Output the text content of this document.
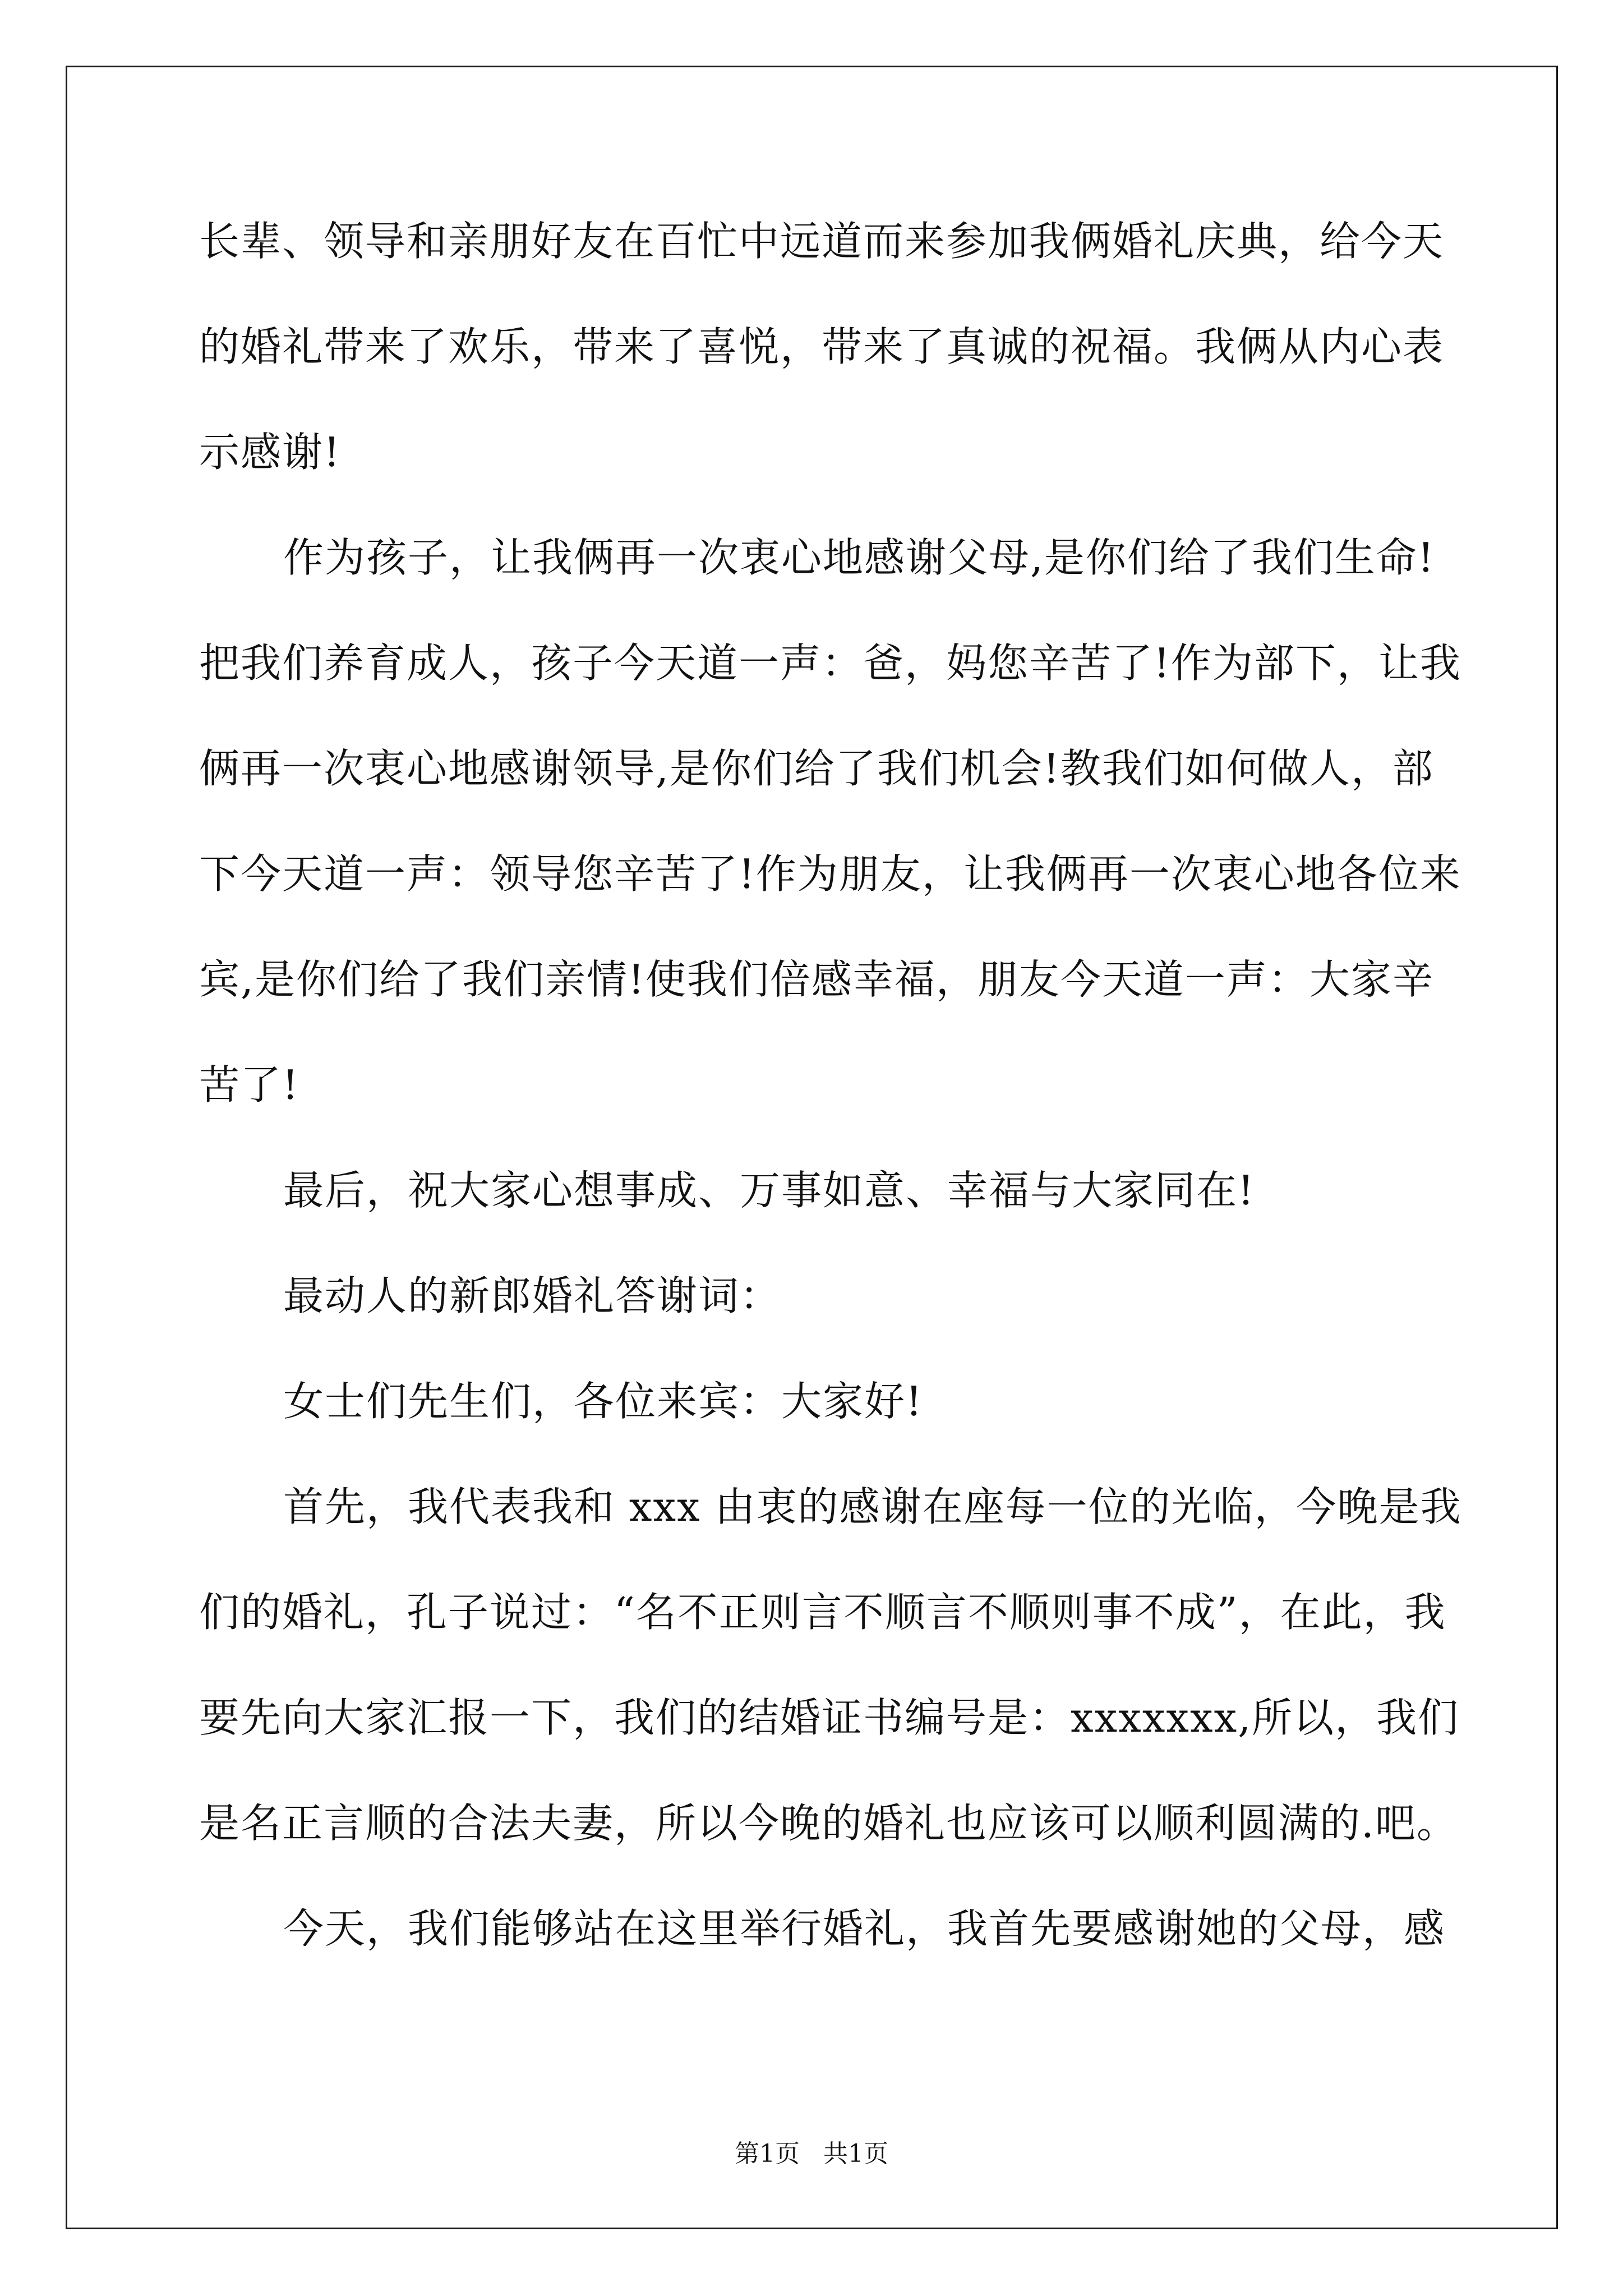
长辈、领导和亲朋好友在百忙中远道而来参加我俩婚礼庆典，给今天
的婚礼带来了欢乐，带来了喜悦，带来了真诚的祝福。我俩从内心表
示感谢!
作为孩子，让我俩再一次衷心地感谢父母,是你们给了我们生命!
把我们养育成人，孩子今天道一声：爸，妈您辛苦了!作为部下，让我
俩再一次衷心地感谢领导,是你们给了我们机会!教我们如何做人，部
下今天道一声：领导您辛苦了!作为朋友，让我俩再一次衷心地各位来
宾,是你们给了我们亲情!使我们倍感幸福，朋友今天道一声：大家辛
苦了!
最后，祝大家心想事成、万事如意、幸福与大家同在!
最动人的新郎婚礼答谢词：
女士们先生们，各位来宾：大家好!
首先，我代表我和 xxx 由衷的感谢在座每一位的光临，今晚是我
们的婚礼，孔子说过：“名不正则言不顺言不顺则事不成”，在此，我
要先向大家汇报一下，我们的结婚证书编号是：xxxxxxx,所以，我们
是名正言顺的合法夫妻，所以今晚的婚礼也应该可以顺利圆满的.吧。
今天，我们能够站在这里举行婚礼，我首先要感谢她的父母，感
第1页   共1页
